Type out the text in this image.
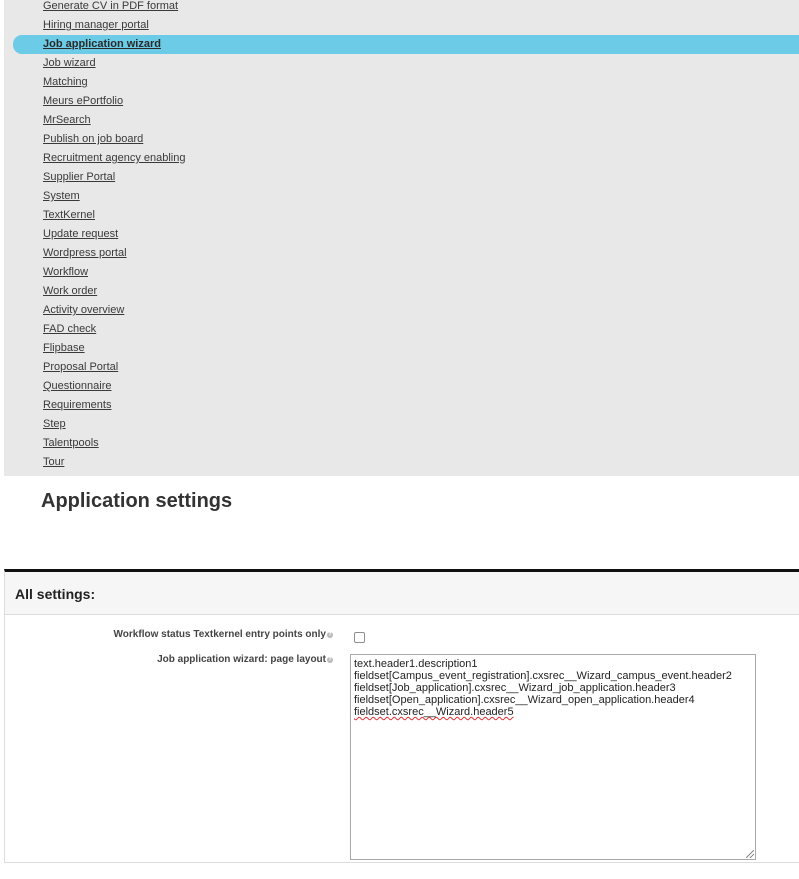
Generate CV in PDF format
Hiring manager portal
Job application wizard
Job wizard
Matching
Meurs ePortfolio
MrSearch
Publish on job board
Recruitment agency enabling
Supplier Portal
System
TextKernel
Update request
Wordpress portal
Workflow
Work order
Activity overview
FAD check
Flipbase
Proposal Portal
Questionnaire
Requirements
Step
Talentpools
Tour
Application settings
All settings:
Workflow status Textkernel entry points only ?
Job application wizard: page layout ? text.header1.description1
fieldset[Campus_event_registration].cxsrec__Wizard_campus_event.header2
fieldset[Job_application].cxsrec__Wizard_job_application.header3
fieldset[Open_application].cxsrec__Wizard_open_application.header4
fieldset.cxsrec__Wizard.header5
